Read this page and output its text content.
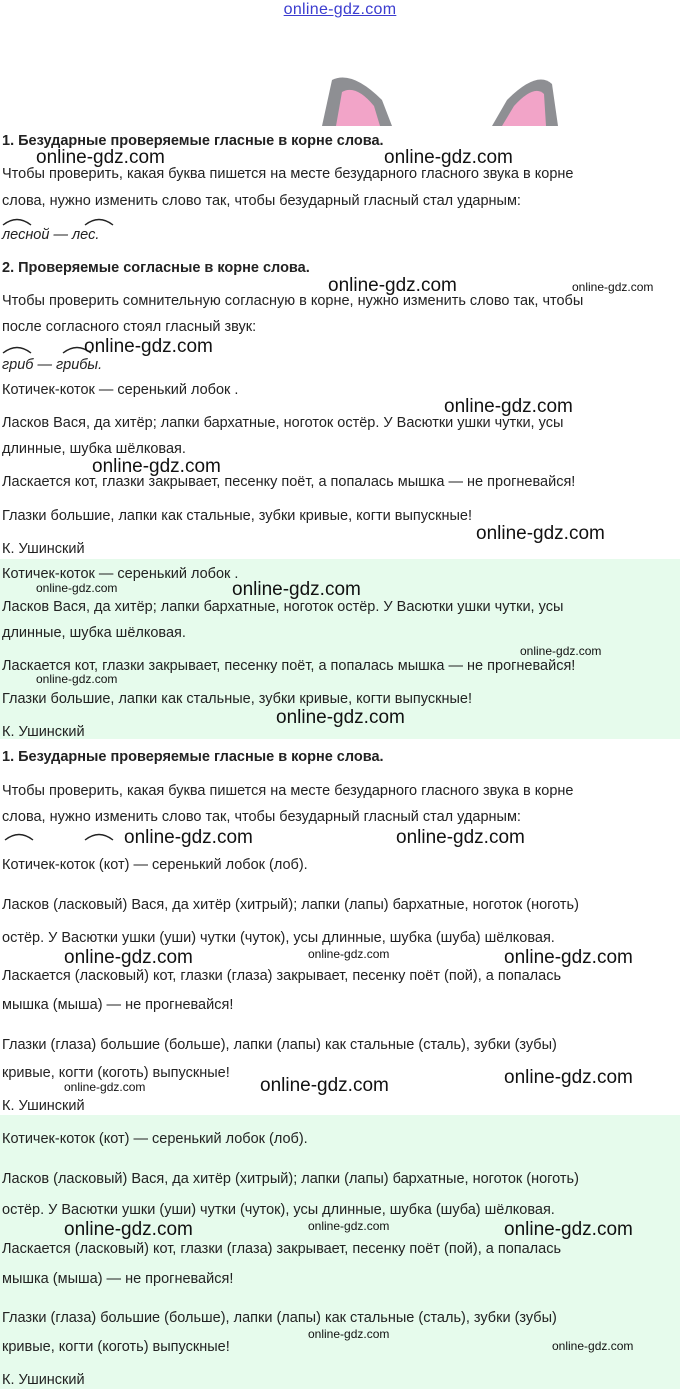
online-gdz.com
1. Безударные проверяемые гласные в корне слова.
Чтобы проверить, какая буква пишется на месте безударного гласного звука в корне
слова, нужно изменить слово так, чтобы безударный гласный стал ударным:
лесной — лес.
2. Проверяемые согласные в корне слова.
Чтобы проверить сомнительную согласную в корне, нужно изменить слово так, чтобы
после согласного стоял гласный звук:
гриб — грибы.
Котичек-коток — серенький лобок .
Ласков Вася, да хитёр; лапки бархатные, ноготок остёр. У Васютки ушки чутки, усы
длинные, шубка шёлковая.
Ласкается кот, глазки закрывает, песенку поёт, а попалась мышка — не прогневайся!
Глазки большие, лапки как стальные, зубки кривые, когти выпускные!
К. Ушинский
Котичек-коток — серенький лобок .
Ласков Вася, да хитёр; лапки бархатные, ноготок остёр. У Васютки ушки чутки, усы
длинные, шубка шёлковая.
Ласкается кот, глазки закрывает, песенку поёт, а попалась мышка — не прогневайся!
Глазки большие, лапки как стальные, зубки кривые, когти выпускные!
К. Ушинский
1. Безударные проверяемые гласные в корне слова.
Чтобы проверить, какая буква пишется на месте безударного гласного звука в корне
слова, нужно изменить слово так, чтобы безударный гласный стал ударным:
Котичек-коток (кот) — серенький лобок (лоб).
Ласков (ласковый) Вася, да хитёр (хитрый); лапки (лапы) бархатные, ноготок (ноготь)
остёр. У Васютки ушки (уши) чутки (чуток), усы длинные, шубка (шуба) шёлковая.
Ласкается (ласковый) кот, глазки (глаза) закрывает, песенку поёт (пой), а попалась
мышка (мыша) — не прогневайся!
Глазки (глаза) большие (больше), лапки (лапы) как стальные (сталь), зубки (зубы)
кривые, когти (коготь) выпускные!
К. Ушинский
Котичек-коток (кот) — серенький лобок (лоб).
Ласков (ласковый) Вася, да хитёр (хитрый); лапки (лапы) бархатные, ноготок (ноготь)
остёр. У Васютки ушки (уши) чутки (чуток), усы длинные, шубка (шуба) шёлковая.
Ласкается (ласковый) кот, глазки (глаза) закрывает, песенку поёт (пой), а попалась
мышка (мыша) — не прогневайся!
Глазки (глаза) большие (больше), лапки (лапы) как стальные (сталь), зубки (зубы)
кривые, когти (коготь) выпускные!
К. Ушинский
online-gdz.com	online-gdz.com
online-gdz.com	online-gdz.com
online-gdz.com
online-gdz.com
online-gdz.com
online-gdz.com
online-gdz.com	online-gdz.com
online-gdz.com
online-gdz.com
online-gdz.com
online-gdz.com	online-gdz.com
online-gdz.com	online-gdz.com	online-gdz.com
online-gdz.com	online-gdz.com	online-gdz.com
online-gdz.com	online-gdz.com	online-gdz.com
online-gdz.com
online-gdz.com
